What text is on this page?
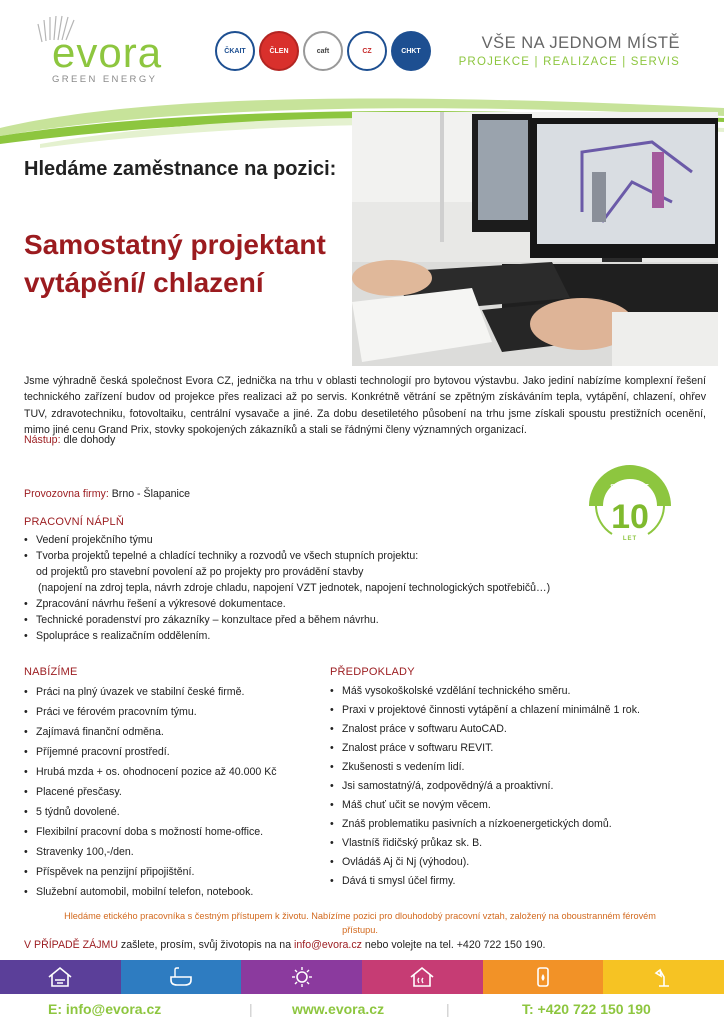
evora
GREEN ENERGY
ČKAIT	ČLEN	caft	CZ	CHKT	VŠE NA JEDNOM MÍSTĚ
PROJEKCE | REALIZACE | SERVIS
Hledáme zaměstnance na pozici:
Samostatný projektant vytápění/ chlazení
Jsme výhradně česká společnost Evora CZ, jednička na trhu v oblasti technologií pro bytovou výstavbu. Jako jediní nabízíme komplexní řešení technického zařízení budov od projekce přes realizaci až po servis. Konkrétně větrání se zpětným získáváním tepla, vytápění, chlazení, ohřev TUV, zdravotechniku, fotovoltaiku, centrální vysavače a jiné. Za dobu desetiletého působení na trhu jsme získali spoustu prestižních ocenění, mimo jiné cenu Grand Prix, stovky spokojených zákazníků a stali se řádnými členy významných organizací.
Nástup: dle dohody
Provozovna firmy: Brno - Šlapanice
SLAVÍME
10
LET
PRACOVNÍ NÁPLŇ
• Vedení projekčního týmu
• Tvorba projektů tepelné a chladící techniky a rozvodů ve všech stupních projektu:
od projektů pro stavební povolení až po projekty pro provádění stavby
(napojení na zdroj tepla, návrh zdroje chladu, napojení VZT jednotek, napojení technologických spotřebičů…)
• Zpracování návrhu řešení a výkresové dokumentace.
• Technické poradenství pro zákazníky – konzultace před a během návrhu.
• Spolupráce s realizačním oddělením.
NABÍZÍME
• Práci na plný úvazek ve stabilní české firmě.
• Práci ve férovém pracovním týmu.
• Zajímavá finanční odměna.
• Příjemné pracovní prostředí.
• Hrubá mzda + os. ohodnocení pozice až 40.000 Kč
• Placené přesčasy.
• 5 týdnů dovolené.
• Flexibilní pracovní doba s možností home-office.
• Stravenky 100,-/den.
• Příspěvek na penzijní připojištění.
• Služební automobil, mobilní telefon, notebook.
PŘEDPOKLADY
• Máš vysokoškolské vzdělání technického směru.
• Praxi v projektové činnosti vytápění a chlazení minimálně 1 rok.
• Znalost práce v softwaru AutoCAD.
• Znalost práce v softwaru REVIT.
• Zkušenosti s vedením lidí.
• Jsi samostatný/á, zodpovědný/á a proaktivní.
• Máš chuť učit se novým věcem.
• Znáš problematiku pasivních a nízkoenergetických domů.
• Vlastníš řidičský průkaz sk. B.
• Ovládáš Aj či Nj (výhodou).
• Dává ti smysl účel firmy.
Hledáme etického pracovníka s čestným přístupem k životu. Nabízíme pozici pro dlouhodobý pracovní vztah, založený na oboustranném férovém přístupu.
V PŘÍPADĚ ZÁJMU zašlete, prosím, svůj životopis na na info@evora.cz nebo volejte na tel. +420 722 150 190.
E: info@evora.cz	|	www.evora.cz	|	T: +420 722 150 190
